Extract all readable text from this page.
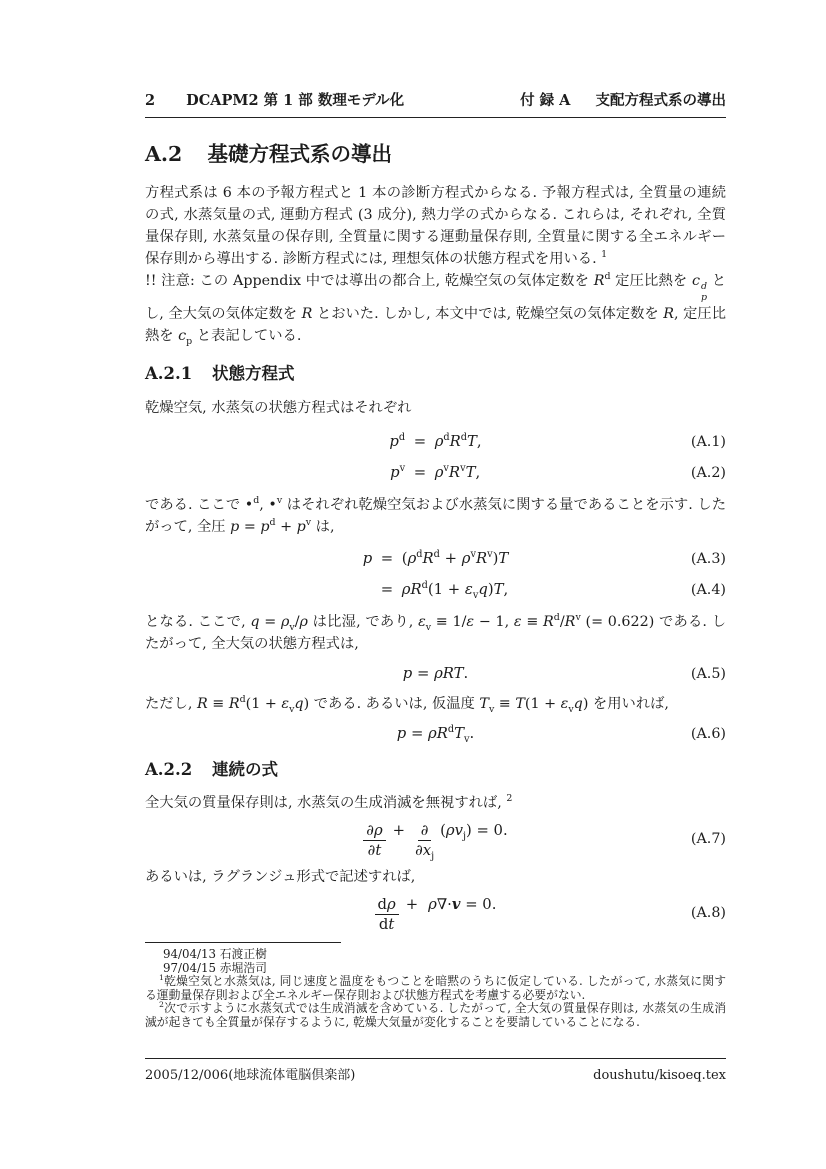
2 DCAPM2 第 1 部 数理モデル化	付 録 A 支配方程式系の導出
A.2 基礎方程式系の導出

方程式系は 6 本の予報方程式と 1 本の診断方程式からなる. 予報方程式は, 全質量の連続の式, 水蒸気量の式, 運動方程式 (3 成分), 熱力学の式からなる. これらは, それぞれ, 全質量保存則, 水蒸気量の保存則, 全質量に関する運動量保存則, 全質量に関する全エネルギー保存則から導出する. 診断方程式には, 理想気体の状態方程式を用いる. $^1$

!! 注意: この Appendix 中では導出の都合上, 乾燥空気の気体定数を $R^d$ 定圧比熱を c d
p
とし, 全大気の気体定数を R とおいた. しかし, 本文中では, 乾燥空気の気体定数を R, 定圧比熱を $c_p$ と表記している.

A.2.1 状態方程式

乾燥空気, 水蒸気の状態方程式はそれぞれ

$p^d = \rho^dR^dT$,	(A.1)
$p^v = \rho^vR^vT$,	(A.2)

である. ここで •$^d$, •$^v$ はそれぞれ乾燥空気および水蒸気に関する量であることを示す. したがって, 全圧 $p = p^d + p^v$ は,

$p = (\rho^dR^d + \rho^vR^v)T$	(A.3)
= $\rho R^d(1 + \varepsilon_vq)T$,	(A.4)

となる. ここで, $q = \rho_v/\rho$ は比湿, であり, $\varepsilon_v \equiv 1/\varepsilon - 1$, $\varepsilon \equiv R^d/R^v$ (= 0.622) である. したがって, 全大気の状態方程式は,

p = ρRT.	(A.5)

ただし, $R \equiv R^d(1 + \varepsilon_vq)$ である. あるいは, 仮温度 $T_v \equiv T(1 + \varepsilon_vq)$ を用いれば,

$p = \rho R^dT_v$.	(A.6)
A.2.2 連続の式

全大気の質量保存則は, 水蒸気の生成消滅を無視すれば, $^2$

$\frac{\partial\rho}{\partial t} + \frac{\partial}{\partial x_j} (\rho v_j) = 0$.
(A.7)

あるいは, ラグランジュ形式で記述すれば,

$\frac{d\rho}{dt} + \rho\nabla\cdot v = 0$.
(A.8)
94/04/13 石渡正樹
97/04/15 赤堀浩司

$^1$乾燥空気と水蒸気は, 同じ速度と温度をもつことを暗黙のうちに仮定している. したがって, 水蒸気に関する運動量保存則および全エネルギー保存則および状態方程式を考慮する必要がない.

$^2$次で示すように水蒸気式では生成消滅を含めている. したがって, 全大気の質量保存則は, 水蒸気の生成消滅が起きても全質量が保存するように, 乾燥大気量が変化することを要請していることになる.

2005/12/006(地球流体電脳倶楽部)	doushutu/kisoeq.tex
